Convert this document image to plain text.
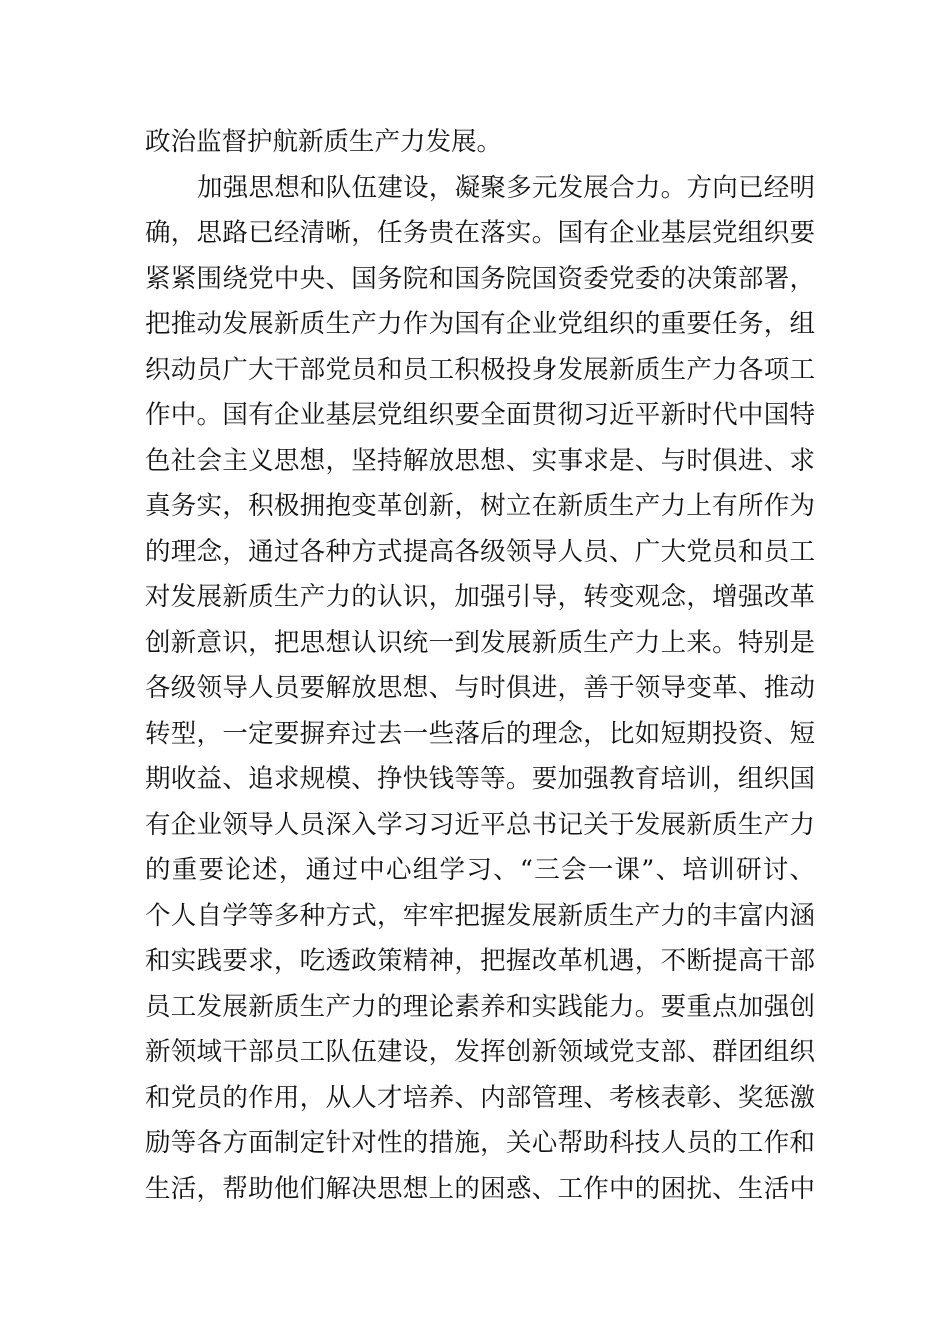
政治监督护航新质生产力发展。
加强思想和队伍建设，凝聚多元发展合力。方向已经明
确，思路已经清晰，任务贵在落实。国有企业基层党组织要
紧紧围绕党中央、国务院和国务院国资委党委的决策部署，
把推动发展新质生产力作为国有企业党组织的重要任务，组
织动员广大干部党员和员工积极投身发展新质生产力各项工
作中。国有企业基层党组织要全面贯彻习近平新时代中国特
色社会主义思想，坚持解放思想、实事求是、与时俱进、求
真务实，积极拥抱变革创新，树立在新质生产力上有所作为
的理念，通过各种方式提高各级领导人员、广大党员和员工
对发展新质生产力的认识，加强引导，转变观念，增强改革
创新意识，把思想认识统一到发展新质生产力上来。特别是
各级领导人员要解放思想、与时俱进，善于领导变革、推动
转型，一定要摒弃过去一些落后的理念，比如短期投资、短
期收益、追求规模、挣快钱等等。要加强教育培训，组织国
有企业领导人员深入学习习近平总书记关于发展新质生产力
的重要论述，通过中心组学习、“三会一课”、培训研讨、
个人自学等多种方式，牢牢把握发展新质生产力的丰富内涵
和实践要求，吃透政策精神，把握改革机遇，不断提高干部
员工发展新质生产力的理论素养和实践能力。要重点加强创
新领域干部员工队伍建设，发挥创新领域党支部、群团组织
和党员的作用，从人才培养、内部管理、考核表彰、奖惩激
励等各方面制定针对性的措施，关心帮助科技人员的工作和
生活，帮助他们解决思想上的困惑、工作中的困扰、生活中
